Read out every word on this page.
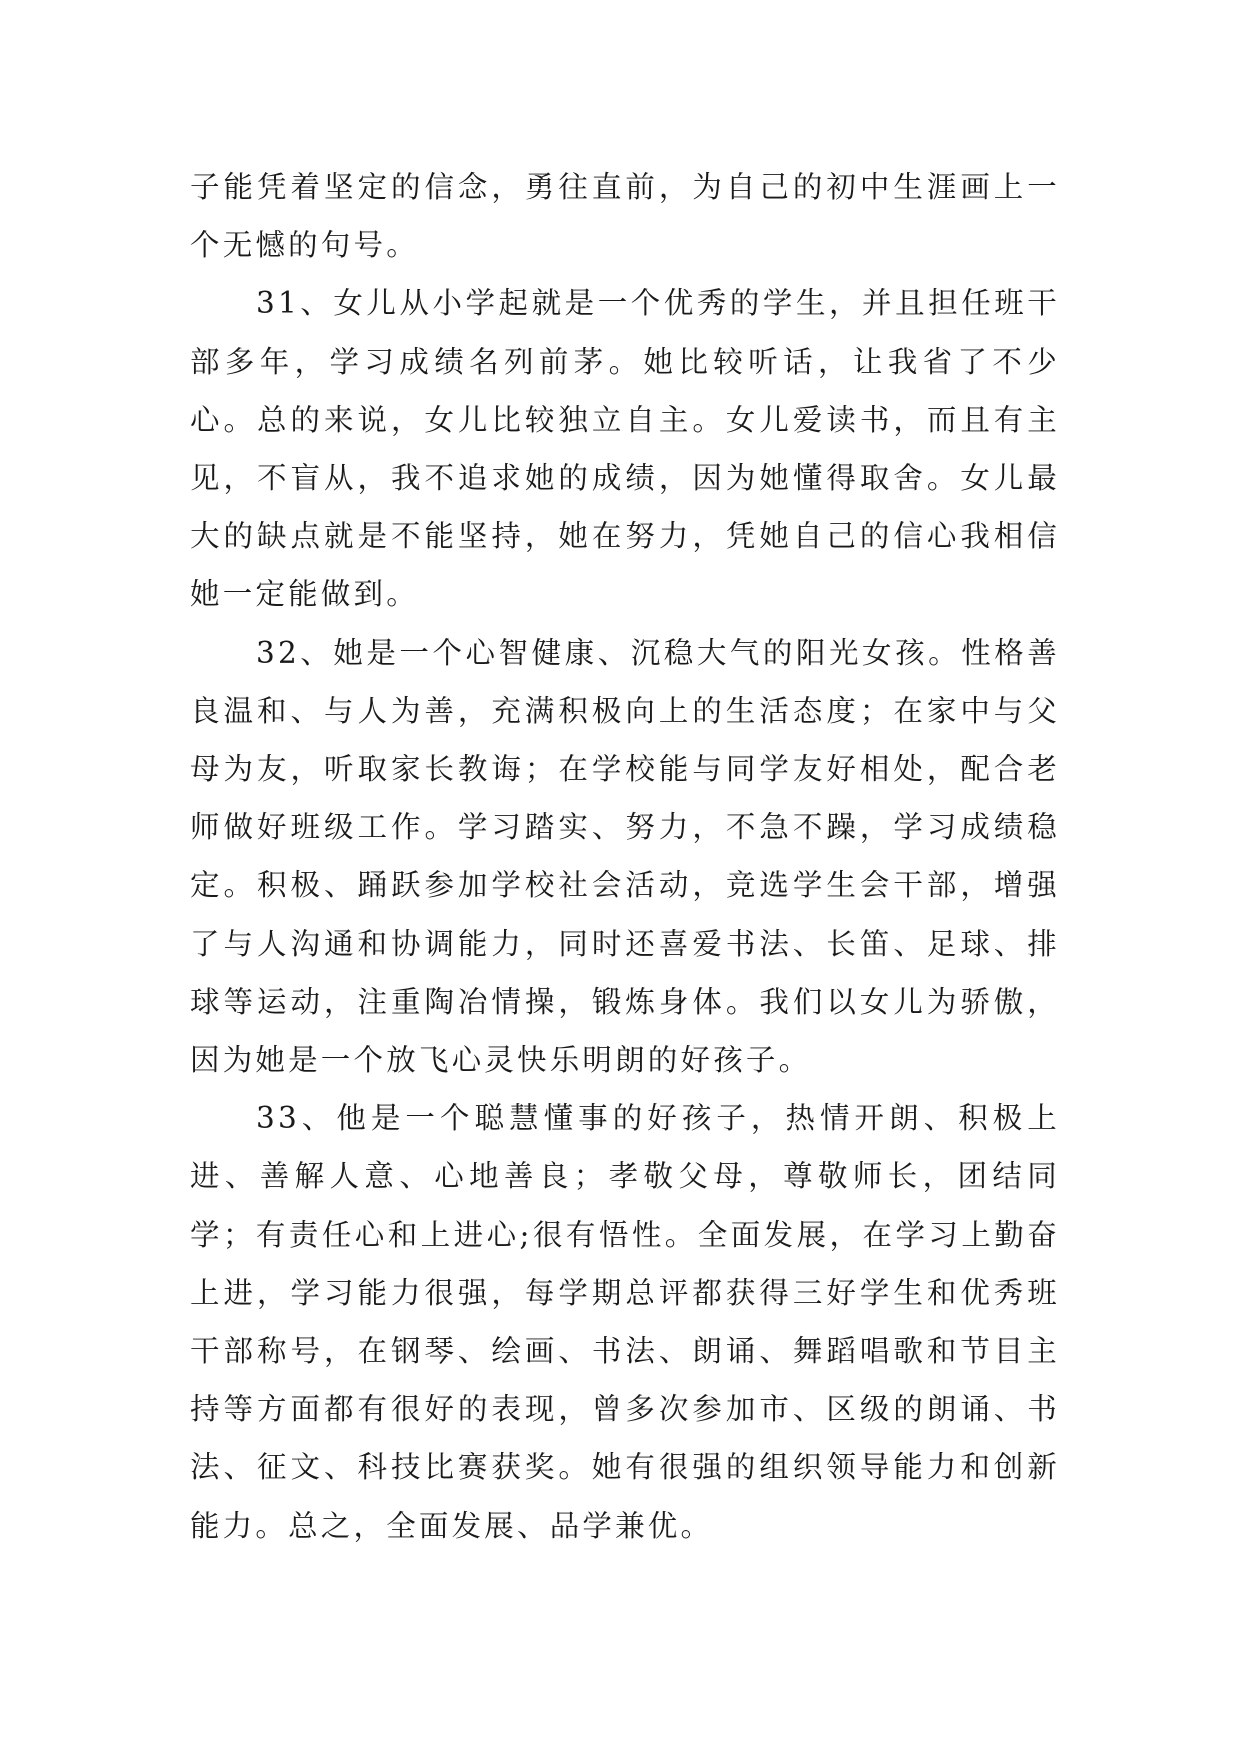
子能凭着坚定的信念，勇往直前，为自己的初中生涯画上一个无憾的句号。

31、女儿从小学起就是一个优秀的学生，并且担任班干部多年，学习成绩名列前茅。她比较听话，让我省了不少心。总的来说，女儿比较独立自主。女儿爱读书，而且有主见，不盲从，我不追求她的成绩，因为她懂得取舍。女儿最大的缺点就是不能坚持，她在努力，凭她自己的信心我相信她一定能做到。

32、她是一个心智健康、沉稳大气的阳光女孩。性格善良温和、与人为善，充满积极向上的生活态度；在家中与父母为友，听取家长教诲；在学校能与同学友好相处，配合老师做好班级工作。学习踏实、努力，不急不躁，学习成绩稳定。积极、踊跃参加学校社会活动，竞选学生会干部，增强了与人沟通和协调能力，同时还喜爱书法、长笛、足球、排球等运动，注重陶冶情操，锻炼身体。我们以女儿为骄傲，因为她是一个放飞心灵快乐明朗的好孩子。

33、他是一个聪慧懂事的好孩子，热情开朗、积极上进、善解人意、心地善良；孝敬父母，尊敬师长，团结同学；有责任心和上进心;很有悟性。全面发展，在学习上勤奋上进，学习能力很强，每学期总评都获得三好学生和优秀班干部称号，在钢琴、绘画、书法、朗诵、舞蹈唱歌和节目主持等方面都有很好的表现，曾多次参加市、区级的朗诵、书法、征文、科技比赛获奖。她有很强的组织领导能力和创新能力。总之，全面发展、品学兼优。
